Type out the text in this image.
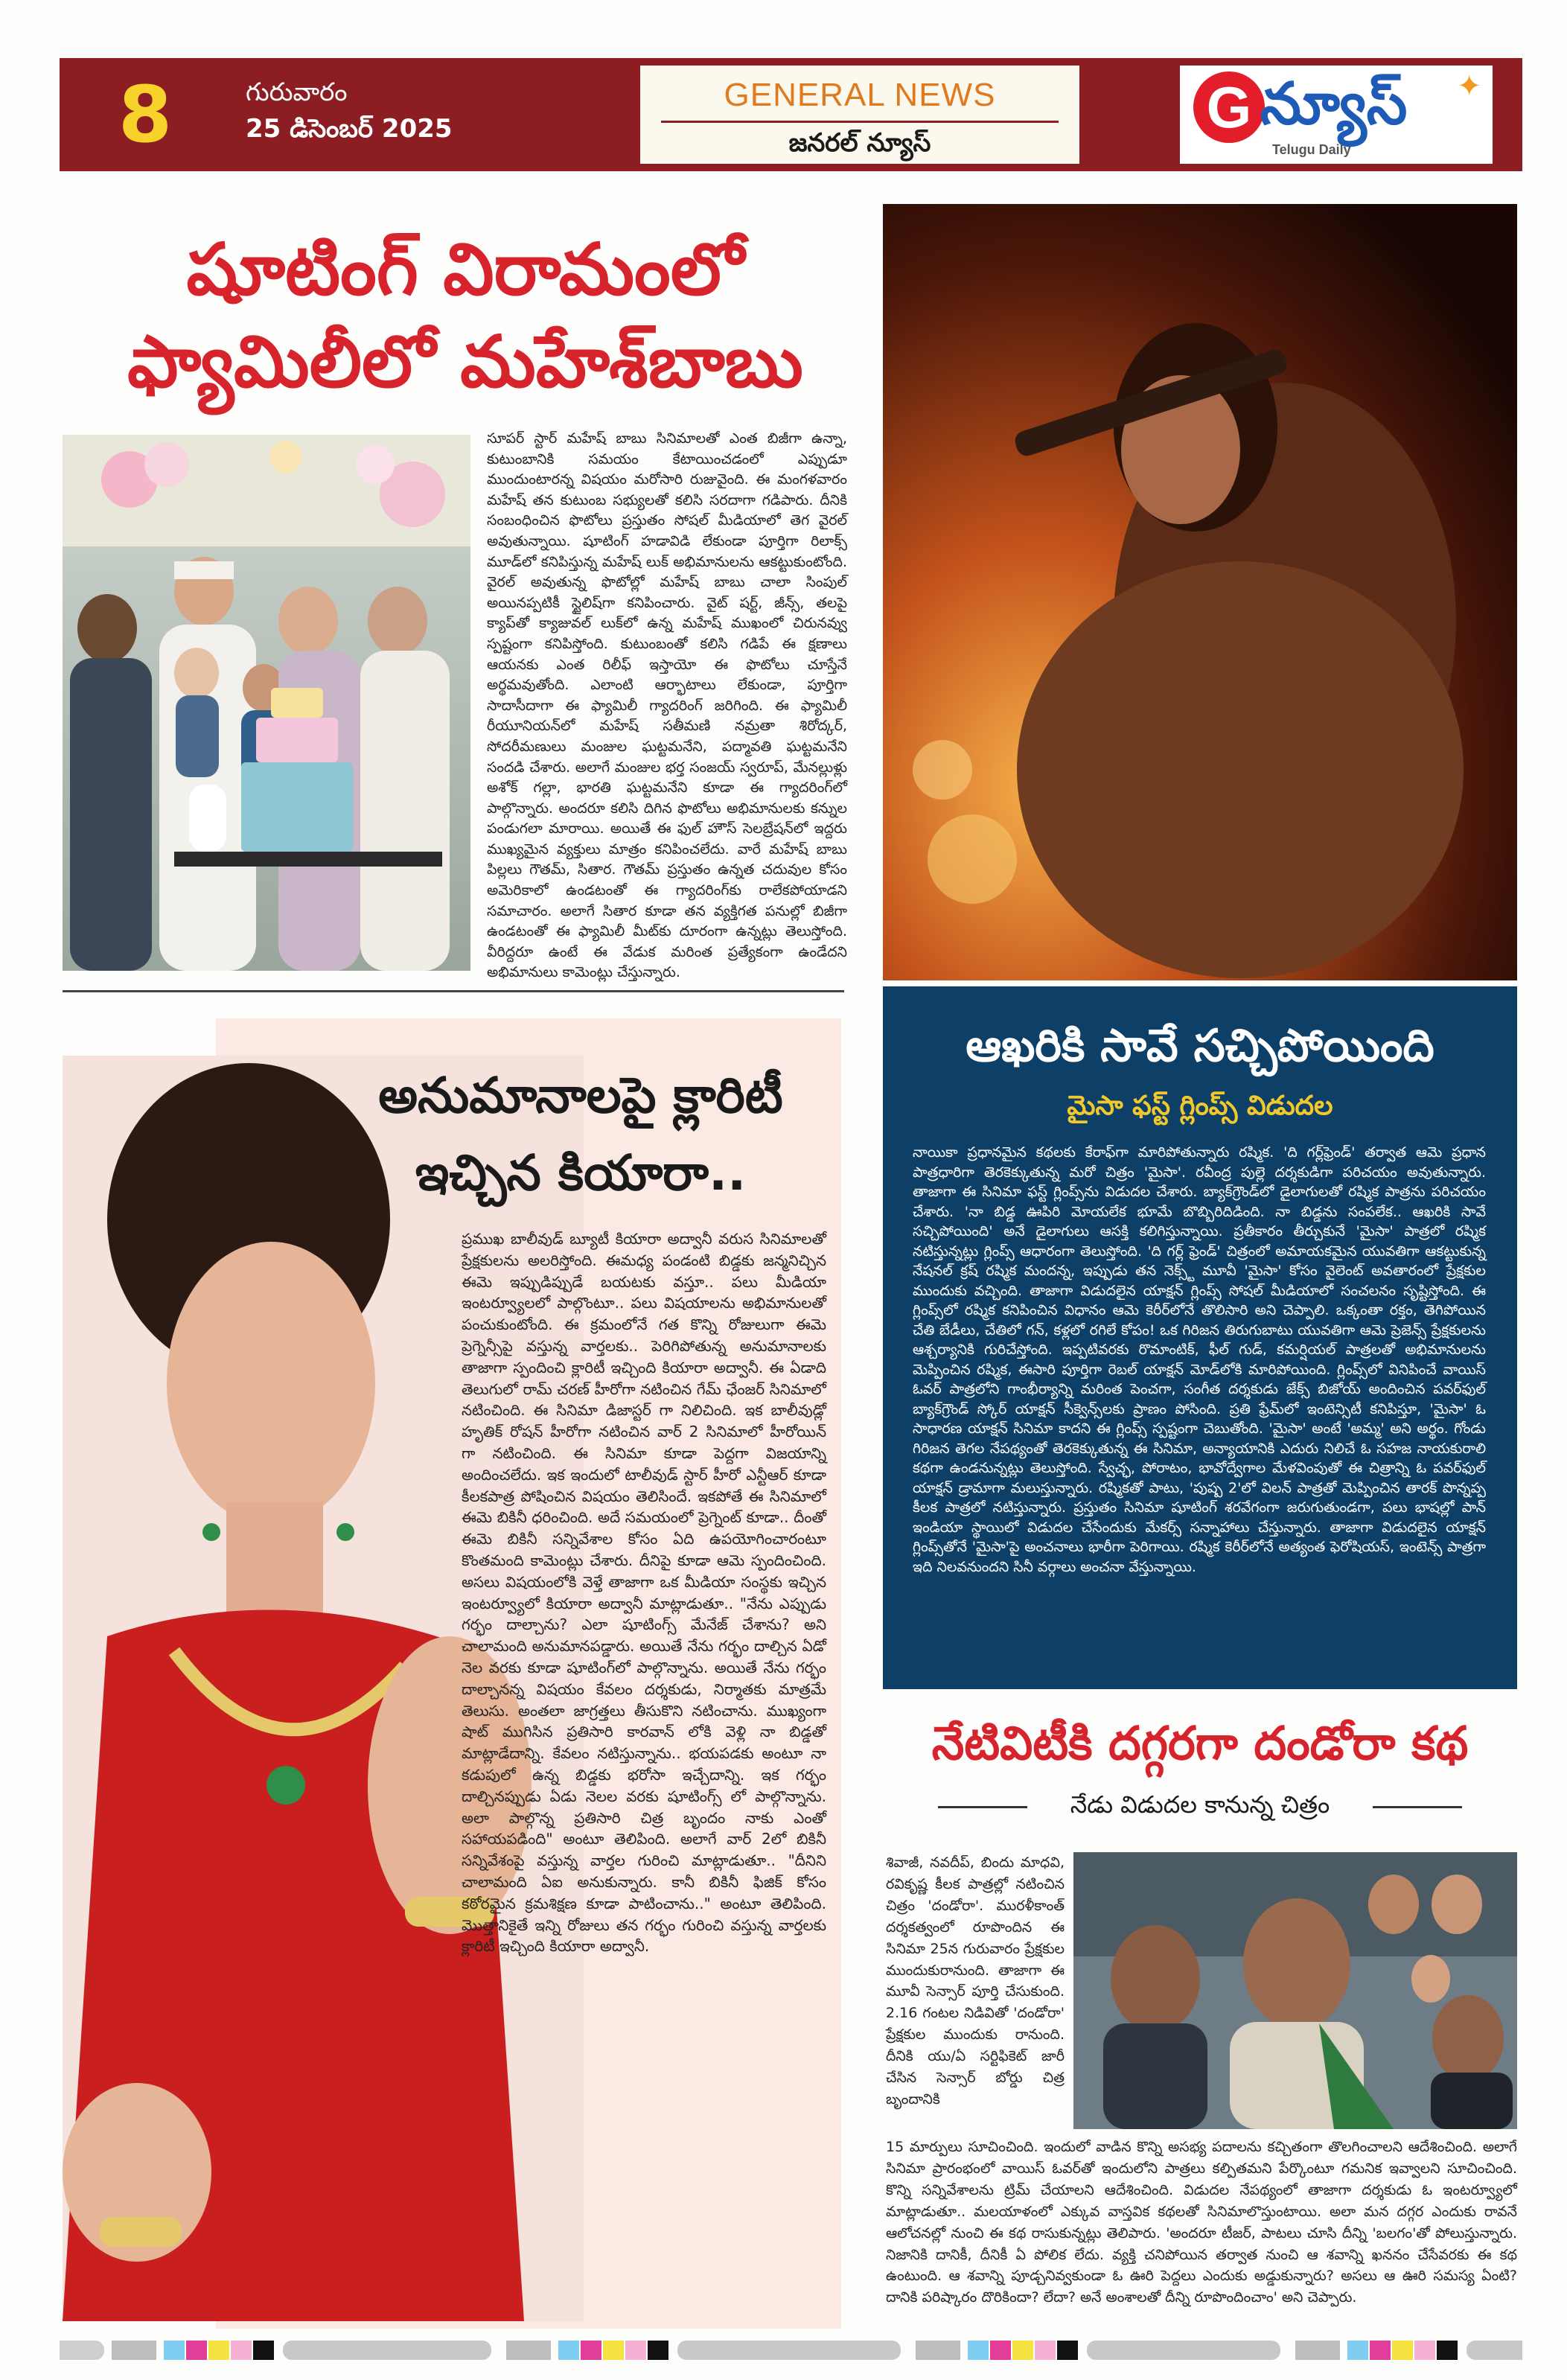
8	గురువారం
25 డిసెంబర్ 2025
GENERAL NEWS
జనరల్ న్యూస్
G న్యూస్
Telugu Daily
✦
షూటింగ్ విరామంలో
ఫ్యామిలీలో మహేశ్‌బాబు
సూపర్‌ స్టార్‌ మహేష్‌ బాబు సినిమాలతో ఎంత బిజీగా ఉన్నా, కుటుంబానికి సమయం కేటాయించడంలో ఎప్పుడూ ముందుంటారన్న విషయం మరోసారి రుజువైంది. ఈ మంగళవారం మహేష్‌ తన కుటుంబ సభ్యులతో కలిసి సరదాగా గడిపారు. దీనికి సంబంధించిన ఫొటోలు ప్రస్తుతం సోషల్‌ మీడియాలో తెగ వైరల్‌ అవుతున్నాయి. షూటింగ్‌ హడావిడి లేకుండా పూర్తిగా రిలాక్స్‌ మూడ్‌లో కనిపిస్తున్న మహేష్‌ లుక్‌ అభిమానులను ఆకట్టుకుంటోంది. వైరల్‌ అవుతున్న ఫొటోల్లో మహేష్‌ బాబు చాలా సింపుల్‌ అయినప్పటికీ స్టైలిష్‌గా కనిపించారు. వైట్‌ షర్ట్‌, జీన్స్‌, తలపై క్యాప్‌తో క్యాజువల్‌ లుక్‌లో ఉన్న మహేష్‌ ముఖంలో చిరునవ్వు స్పష్టంగా కనిపిస్తోంది. కుటుంబంతో కలిసి గడిపే ఈ క్షణాలు ఆయనకు ఎంత రిలీఫ్‌ ఇస్తాయో ఈ ఫొటోలు చూస్తేనే అర్థమవుతోంది. ఎలాంటి ఆర్భాటాలు లేకుండా, పూర్తిగా సాదాసీదాగా ఈ ఫ్యామిలీ గ్యాదరింగ్‌ జరిగింది. ఈ ఫ్యామిలీ రీయూనియన్‌లో మహేష్‌ సతీమణి నమ్రతా శిరోద్కర్‌, సోదరీమణులు మంజుల ఘట్టమనేని, పద్మావతి ఘట్టమనేని సందడి చేశారు. అలాగే మంజుల భర్త సంజయ్‌ స్వరూప్‌, మేనల్లుళ్లు అశోక్‌ గల్లా, భారతి ఘట్టమనేని కూడా ఈ గ్యాదరింగ్‌లో పాల్గొన్నారు. అందరూ కలిసి దిగిన ఫొటోలు అభిమానులకు కన్నుల పండుగలా మారాయి. అయితే ఈ ఫుల్‌ హౌస్‌ సెలబ్రేషన్‌లో ఇద్దరు ముఖ్యమైన వ్యక్తులు మాత్రం కనిపించలేదు. వారే మహేష్‌ బాబు పిల్లలు గౌతమ్‌, సితార. గౌతమ్‌ ప్రస్తుతం ఉన్నత చదువుల కోసం అమెరికాలో ఉండటంతో ఈ గ్యాదరింగ్‌కు రాలేకపోయాడని సమాచారం. అలాగే సితార కూడా తన వ్యక్తిగత పనుల్లో బిజీగా ఉండటంతో ఈ ఫ్యామిలీ మీట్‌కు దూరంగా ఉన్నట్లు తెలుస్తోంది. వీరిద్దరూ ఉంటే ఈ వేడుక మరింత ప్రత్యేకంగా ఉండేదని అభిమానులు కామెంట్లు చేస్తున్నారు.
ఆఖరికి సావే సచ్చిపోయింది
మైసా ఫస్ట్‌ గ్లింప్స్‌ విడుదల
నాయికా ప్రధానమైన కథలకు కేరాఫ్‌గా మారిపోతున్నారు రష్మిక. 'ది గర్ల్‌ఫ్రెండ్‌' తర్వాత ఆమె ప్రధాన పాత్రధారిగా తెరకెక్కుతున్న మరో చిత్రం 'మైసా'. రవీంద్ర పుల్లె దర్శకుడిగా పరిచయం అవుతున్నారు. తాజాగా ఈ సినిమా ఫస్ట్‌ గ్లింప్స్‌ను విడుదల చేశారు. బ్యాక్‌గ్రౌండ్‌లో డైలాగులతో రష్మిక పాత్రను పరిచయం చేశారు. 'నా బిడ్డ ఊపిరి మోయలేక భూమే బొబ్బిరిదిడింది. నా బిడ్డను సంపలేక.. ఆఖరికి సావే సచ్చిపోయింది' అనే డైలాగులు ఆసక్తి కలిగిస్తున్నాయి. ప్రతీకారం తీర్చుకునే 'మైసా' పాత్రలో రష్మిక నటిస్తున్నట్లు గ్లింప్స్‌ ఆధారంగా తెలుస్తోంది. 'ది గర్ల్‌ ఫ్రెండ్‌' చిత్రంలో అమాయకమైన యువతిగా ఆకట్టుకున్న నేషనల్‌ క్రష్‌ రష్మిక మందన్న, ఇప్పుడు తన నెక్స్ట్‌ మూవీ 'మైసా' కోసం వైలెంట్‌ అవతారంలో ప్రేక్షకుల ముందుకు వచ్చింది. తాజాగా విడుదలైన యాక్షన్‌ గ్లింప్స్‌ సోషల్‌ మీడియాలో సంచలనం సృష్టిస్తోంది. ఈ గ్లింప్స్‌లో రష్మిక కనిపించిన విధానం ఆమె కెరీర్‌లోనే తొలిసారి అని చెప్పాలి. ఒక్కంతా రక్తం, తెగిపోయిన చేతి బేడీలు, చేతిలో గన్‌, కళ్లలో రగిలే కోపం! ఒక గిరిజన తిరుగుబాటు యువతిగా ఆమె ప్రెజెన్స్‌ ప్రేక్షకులను ఆశ్చర్యానికి గురిచేస్తోంది. ఇప్పటివరకు రొమాంటిక్‌, ఫీల్‌ గుడ్‌, కమర్షియల్‌ పాత్రలతో అభిమానులను మెప్పించిన రష్మిక, ఈసారి పూర్తిగా రెబల్‌ యాక్షన్‌ మోడ్‌లోకి మారిపోయింది. గ్లింప్స్‌లో వినిపించే వాయిస్‌ ఓవర్‌ పాత్రలోని గాంభీర్యాన్ని మరింత పెంచగా, సంగీత దర్శకుడు జేక్స్‌ బిజోయ్‌ అందించిన పవర్‌ఫుల్‌ బ్యాక్‌గ్రౌండ్‌ స్కోర్‌ యాక్షన్‌ సీక్వెన్స్‌లకు ప్రాణం పోసింది. ప్రతి ఫ్రేమ్‌లో ఇంటెన్సిటీ కనిపిస్తూ, 'మైసా' ఓ సాధారణ యాక్షన్‌ సినిమా కాదని ఈ గ్లింప్స్‌ స్పష్టంగా చెబుతోంది. 'మైసా' అంటే 'అమ్మ' అని అర్థం. గోండు గిరిజన తెగల నేపథ్యంతో తెరకెక్కుతున్న ఈ సినిమా, అన్యాయానికి ఎదురు నిలిచే ఓ సహజ నాయకురాలి కథగా ఉండనున్నట్లు తెలుస్తోంది. స్వేచ్ఛ, పోరాటం, భావోద్వేగాల మేళవింపుతో ఈ చిత్రాన్ని ఓ పవర్‌ఫుల్‌ యాక్షన్‌ డ్రామాగా మలుస్తున్నారు. రష్మికతో పాటు, 'పుష్ప 2'లో విలన్‌ పాత్రతో మెప్పించిన తారక్‌ పొన్నప్ప కీలక పాత్రలో నటిస్తున్నారు. ప్రస్తుతం సినిమా షూటింగ్‌ శరవేగంగా జరుగుతుండగా, పలు భాషల్లో పాన్‌ ఇండియా స్థాయిలో విడుదల చేసేందుకు మేకర్స్‌ సన్నాహాలు చేస్తున్నారు. తాజాగా విడుదలైన యాక్షన్‌ గ్లింప్స్‌తోనే 'మైసా'పై అంచనాలు భారీగా పెరిగాయి. రష్మిక కెరీర్‌లోనే అత్యంత ఫెరోషియస్‌, ఇంటెన్స్‌ పాత్రగా ఇది నిలవనుందని సినీ వర్గాలు అంచనా వేస్తున్నాయి.
అనుమానాలపై క్లారిటీ
ఇచ్చిన కియారా..
ప్రముఖ బాలీవుడ్‌ బ్యూటీ కియారా అద్వానీ వరుస సినిమాలతో ప్రేక్షకులను అలరిస్తోంది. ఈమధ్య పండంటి బిడ్డకు జన్మనిచ్చిన ఈమె ఇప్పుడిప్పుడే బయటకు వస్తూ.. పలు మీడియా ఇంటర్వ్యూలలో పాల్గొంటూ.. పలు విషయాలను అభిమానులతో పంచుకుంటోంది. ఈ క్రమంలోనే గత కొన్ని రోజులుగా ఈమె ప్రెగ్నెన్సీపై వస్తున్న వార్తలకు.. పెరిగిపోతున్న అనుమానాలకు తాజాగా స్పందించి క్లారిటీ ఇచ్చింది కియారా అద్వానీ. ఈ ఏడాది తెలుగులో రామ్‌ చరణ్‌ హీరోగా నటించిన గేమ్‌ ఛేంజర్‌ సినిమాలో నటించింది. ఈ సినిమా డిజాస్టర్‌ గా నిలిచింది. ఇక బాలీవుడ్లో హృతిక్‌ రోషన్‌ హీరోగా నటించిన వార్‌ 2 సినిమాలో హీరోయిన్‌ గా నటించింది. ఈ సినిమా కూడా పెద్దగా విజయాన్ని అందించలేదు. ఇక ఇందులో టాలీవుడ్‌ స్టార్‌ హీరో ఎన్టీఆర్‌ కూడా కీలకపాత్ర పోషించిన విషయం తెలిసిందే. ఇకపోతే ఈ సినిమాలో ఈమె బికినీ ధరించింది. అదే సమయంలో ప్రెగ్నెంట్‌ కూడా.. దీంతో ఈమె బికినీ సన్నివేశాల కోసం ఏది ఉపయోగించారంటూ కొంతమంది కామెంట్లు చేశారు. దీనిపై కూడా ఆమె స్పందించింది. అసలు విషయంలోకి వెళ్తే తాజాగా ఒక మీడియా సంస్థకు ఇచ్చిన ఇంటర్వ్యూలో కియారా అద్వానీ మాట్లాడుతూ.. "నేను ఎప్పుడు గర్భం దాల్చాను? ఎలా షూటింగ్స్‌ మేనేజ్‌ చేశాను? అని చాలామంది అనుమానపడ్డారు. అయితే నేను గర్భం దాల్చిన ఏడో నెల వరకు కూడా షూటింగ్‌లో పాల్గొన్నాను. అయితే నేను గర్భం దాల్చానన్న విషయం కేవలం దర్శకుడు, నిర్మాతకు మాత్రమే తెలుసు. అంతలా జాగ్రత్తలు తీసుకొని నటించాను. ముఖ్యంగా షాట్‌ ముగిసిన ప్రతిసారి కారవాన్‌ లోకి వెళ్లి నా బిడ్డతో మాట్లాడేదాన్ని. కేవలం నటిస్తున్నాను.. భయపడకు అంటూ నా కడుపులో ఉన్న బిడ్డకు భరోసా ఇచ్చేదాన్ని. ఇక గర్భం దాల్చినప్పుడు ఏడు నెలల వరకు షూటింగ్స్‌ లో పాల్గొన్నాను. అలా పాల్గొన్న ప్రతిసారి చిత్ర బృందం నాకు ఎంతో సహాయపడింది" అంటూ తెలిపింది. అలాగే వార్‌ 2లో బికినీ సన్నివేశంపై వస్తున్న వార్తల గురించి మాట్లాడుతూ.. "దీనిని చాలామంది ఏఐ అనుకున్నారు. కానీ బికినీ ఫిజిక్‌ కోసం కఠోరమైన క్రమశిక్షణ కూడా పాటించాను.." అంటూ తెలిపింది. మొత్తానికైతే ఇన్ని రోజులు తన గర్భం గురించి వస్తున్న వార్తలకు క్లారిటీ ఇచ్చింది కియారా అద్వానీ.
నేటివిటీకి దగ్గరగా దండోరా కథ
నేడు విడుదల కానున్న చిత్రం
శివాజీ, నవదీప్‌, బిందు మాధవి, రవికృష్ణ కీలక పాత్రల్లో నటించిన చిత్రం 'దండోరా'. మురళీకాంత్‌ దర్శకత్వంలో రూపొందిన ఈ సినిమా 25న గురువారం ప్రేక్షకుల ముందుకురానుంది. తాజాగా ఈ మూవీ సెన్సార్‌ పూర్తి చేసుకుంది. 2.16 గంటల నిడివితో 'దండోరా' ప్రేక్షకుల ముందుకు రానుంది. దీనికి యు/ఏ సర్టిఫికెట్‌ జారీ చేసిన సెన్సార్‌ బోర్డు చిత్ర బృందానికి
15 మార్పులు సూచించింది. ఇందులో వాడిన కొన్ని అసభ్య పదాలను కచ్చితంగా తొలగించాలని ఆదేశించింది. అలాగే సినిమా ప్రారంభంలో వాయిస్‌ ఓవర్‌తో ఇందులోని పాత్రలు కల్పితమని పేర్కొంటూ గమనిక ఇవ్వాలని సూచించింది. కొన్ని సన్నివేశాలను ట్రిమ్‌ చేయాలని ఆదేశించింది. విడుదల నేపథ్యంలో తాజాగా దర్శకుడు ఓ ఇంటర్వ్యూలో మాట్లాడుతూ.. మలయాళంలో ఎక్కువ వాస్తవిక కథలతో సినిమాలొస్తుంటాయి. అలా మన దగ్గర ఎందుకు రావనే ఆలోచనల్లో నుంచి ఈ కథ రాసుకున్నట్లు తెలిపారు. 'అందరూ టీజర్‌, పాటలు చూసి దీన్ని 'బలగం'తో పోలుస్తున్నారు. నిజానికి దానికీ, దీనికీ ఏ పోలిక లేదు. వ్యక్తి చనిపోయిన తర్వాత నుంచి ఆ శవాన్ని ఖననం చేసేవరకు ఈ కథ ఉంటుంది. ఆ శవాన్ని పూడ్చనివ్వకుండా ఓ ఊరి పెద్దలు ఎందుకు అడ్డుకున్నారు? అసలు ఆ ఊరి సమస్య ఏంటి? దానికి పరిష్కారం దొరికిందా? లేదా? అనే అంశాలతో దీన్ని రూపొందించాం' అని చెప్పారు.
